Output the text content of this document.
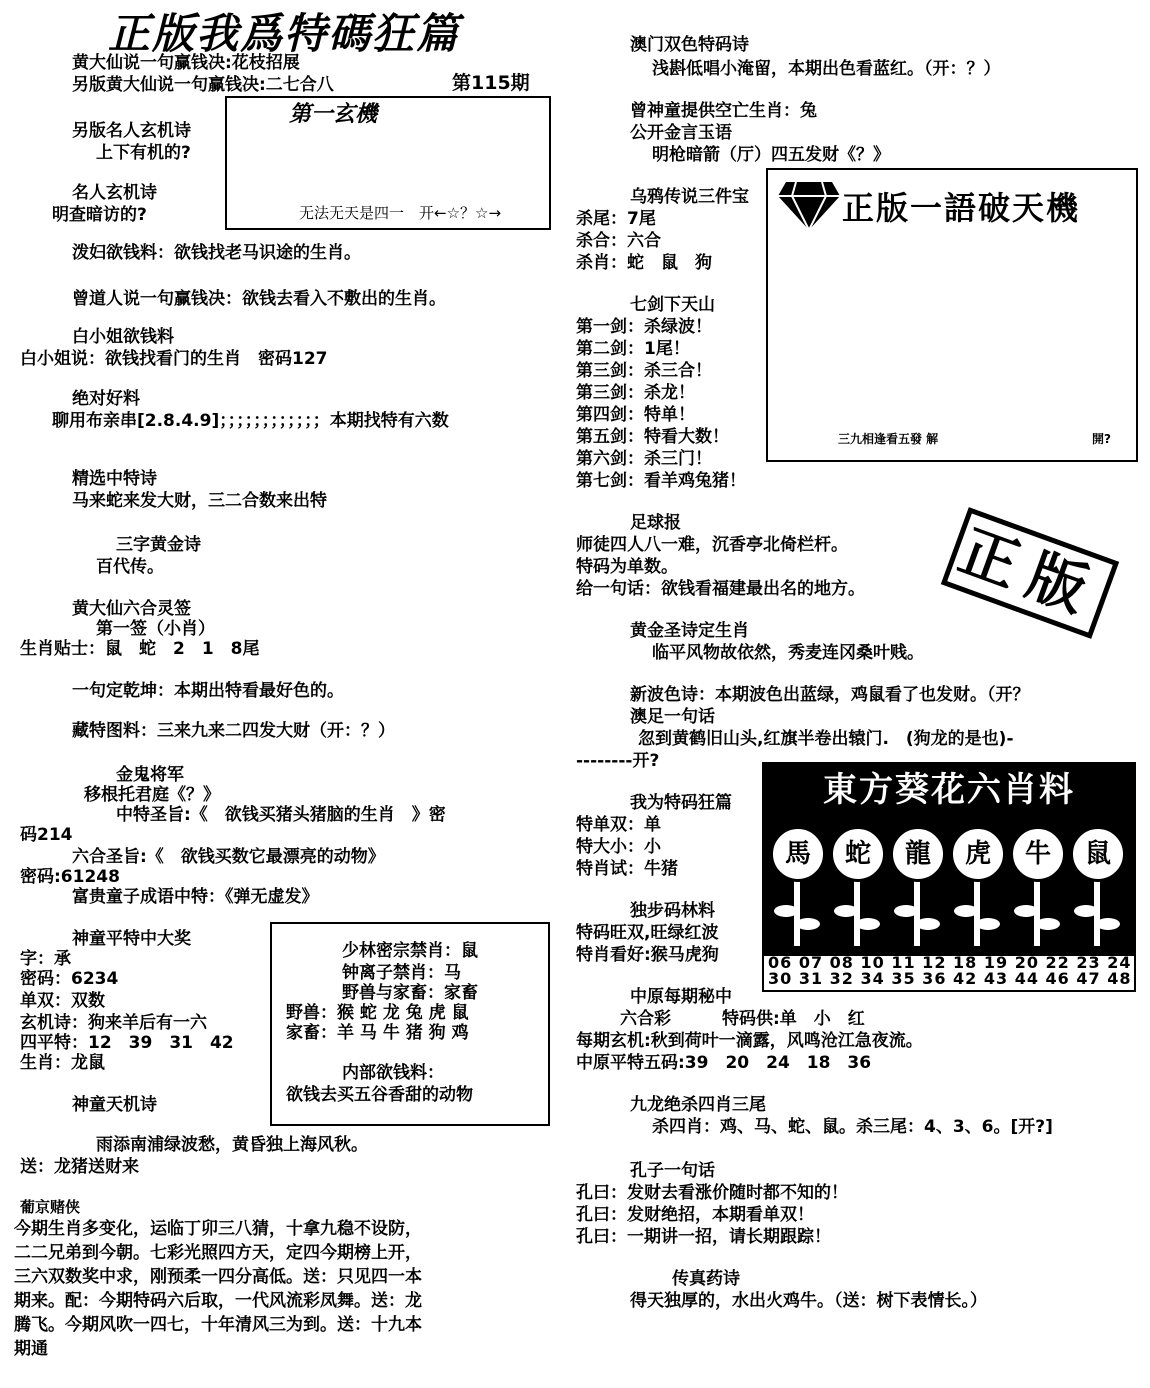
正版我爲特碼狂篇
第115期
黄大仙说一句赢钱决:花枝招展
另版黄大仙说一句赢钱决:二七合八
第一玄機
无法无天是四一　开←☆？☆→
另版名人玄机诗
上下有机的?
名人玄机诗
明查暗访的?
泼妇欲钱料：欲钱找老马识途的生肖。
曾道人说一句赢钱决：欲钱去看入不敷出的生肖。
白小姐欲钱料
白小姐说：欲钱找看门的生肖　密码127
绝对好料
聊用布亲串[2.8.4.9]；；；；；；；；；；；；本期找特有六数
精选中特诗
马来蛇来发大财，三二合数来出特
三字黄金诗
百代传。
黄大仙六合灵签
第一签（小肖）
生肖贴士：鼠　蛇　2　1　8尾
一句定乾坤：本期出特看最好色的。
藏特图料：三来九来二四发大财（开：？）
金鬼将军
移根托君庭《？》
中特圣旨:《　欲钱买猪头猪脑的生肖　》密
码214
六合圣旨:《　欲钱买数它最漂亮的动物》
密码:61248
富贵童子成语中特：《弹无虚发》
神童平特中大奖
字：承
密码：6234
单双：双数
玄机诗：狗来羊后有一六
四平特：12　39　31　42
生肖：龙鼠
神童天机诗
雨添南浦绿波愁，黄昏独上海风秋。
送：龙猪送财来
葡京赌侠
今期生肖多变化，运临丁卯三八猜，十拿九稳不设防，
二二兄弟到今朝。七彩光照四方天，定四今期榜上开，
三六双数奖中求，刚预柔一四分高低。送：只见四一本
期来。配：今期特码六后取，一代风流彩凤舞。送：龙
腾飞。今期风吹一四七，十年清风三为到。送：十九本
期通
少林密宗禁肖：鼠
钟离子禁肖：马
野兽与家畜：家畜
野兽：猴 蛇 龙 兔 虎 鼠
家畜：羊 马 牛 猪 狗 鸡
内部欲钱料：
欲钱去买五谷香甜的动物
澳门双色特码诗
浅斟低唱小淹留，本期出色看蓝红。（开：？）
曾神童提供空亡生肖：兔
公开金言玉语
明枪暗箭（厅）四五发财《？》
乌鸦传说三件宝
杀尾：7尾
杀合：六合
杀肖：蛇　鼠　狗
七剑下天山
第一剑：杀绿波！
第二剑：1尾！
第三剑：杀三合！
第三剑：杀龙！
第四剑：特单！
第五剑：特看大数！
第六剑：杀三门！
第七剑：看羊鸡兔猪！
正版一語破天機
三九相逢看五發 解	開?
正版
足球报
师徒四人八一难，沉香亭北倚栏杆。
特码为单数。
给一句话：欲钱看福建最出名的地方。
黄金圣诗定生肖
临平风物故依然，秀麦连冈桑叶贱。
新波色诗：本期波色出蓝绿，鸡鼠看了也发财。（开？
澳足一句话
忽到黄鹤旧山头,红旗半卷出辕门.　(狗龙的是也)-
--------开?
我为特码狂篇
特单双：单
特大小：小
特肖试：牛猪
独步码林料
特码旺双,旺绿红波
特肖看好:猴马虎狗
東方葵花六肖料
馬	蛇	龍	虎	牛	鼠
06 07 08 10 11 12 18 19 20 22 23 24
30 31 32 34 35 36 42 43 44 46 47 48
中原每期秘中
六合彩　　　特码供:单　小　红
每期玄机:秋到荷叶一滴露，风鸣沧江急夜流。
中原平特五码:39　20　24　18　36
九龙绝杀四肖三尾
杀四肖：鸡、马、蛇、鼠。杀三尾：4、3、6。[开?]
孔子一句话
孔曰：发财去看涨价随时都不知的！
孔曰：发财绝招，本期看单双！
孔曰：一期讲一招，请长期跟踪！
传真药诗
得天独厚的，水出火鸡牛。（送：树下表情长。）
